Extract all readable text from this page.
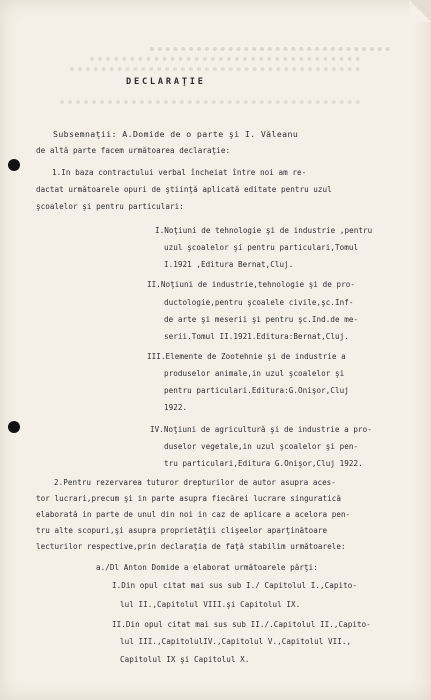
DECLARAŢIE
Subsemnaţii: A.Domide de o parte şi I. Văleanu
de altă parte facem următoarea declaraţie:
1.In baza contractului verbal încheiat între noi am re-
dactat următoarele opuri de ştiinţă aplicată editate pentru uzul
şcoalelor şi pentru particulari:
I.Noţiuni de tehnologie şi de industrie ,pentru
uzul şcoalelor şi pentru particulari,Tomul
I.1921 ,Editura Bernat,Cluj.
II.Noţiuni de industrie,tehnologie şi de pro-
ductologie,pentru şcoalele civile,şc.Inf-
de arte şi meserii şi pentru şc.Ind.de me-
serii.Tomul II.1921.Editura:Bernat,Cluj.
III.Elemente de Zootehnie şi de industrie a
produselor animale,in uzul şcoalelor şi
pentru particulari.Editura:G.Onişor,Cluj
1922.
IV.Noţiuni de agricultură şi de industrie a pro-
duselor vegetale,in uzul şcoalelor şi pen-
tru particulari,Editura G.Onişor,Cluj 1922.
2.Pentru rezervarea tuturor drepturilor de autor asupra aces-
tor lucrari,precum şi in parte asupra fiecărei lucrare singuratică
elaborată in parte de unul din noi in caz de aplicare a acelora pen-
tru alte scopuri,şi asupra proprietăţii clişeelor aparţinătoare
lecturilor respective,prin declaraţia de faţă stabilim următoarele:
a./Dl Anton Domide a elaborat următoarele părţi:
I.Din opul citat mai sus sub I./ Capitolul I.,Capito-
lul II.,Capitolul VIII.şi Capitolul IX.
II.Din opul citat mai sus sub II./.Capitolul II.,Capito-
lul III.,CapitolulIV.,Capitolul V.,Capitolul VII.,
Capitolul IX şi Capitolul X.
